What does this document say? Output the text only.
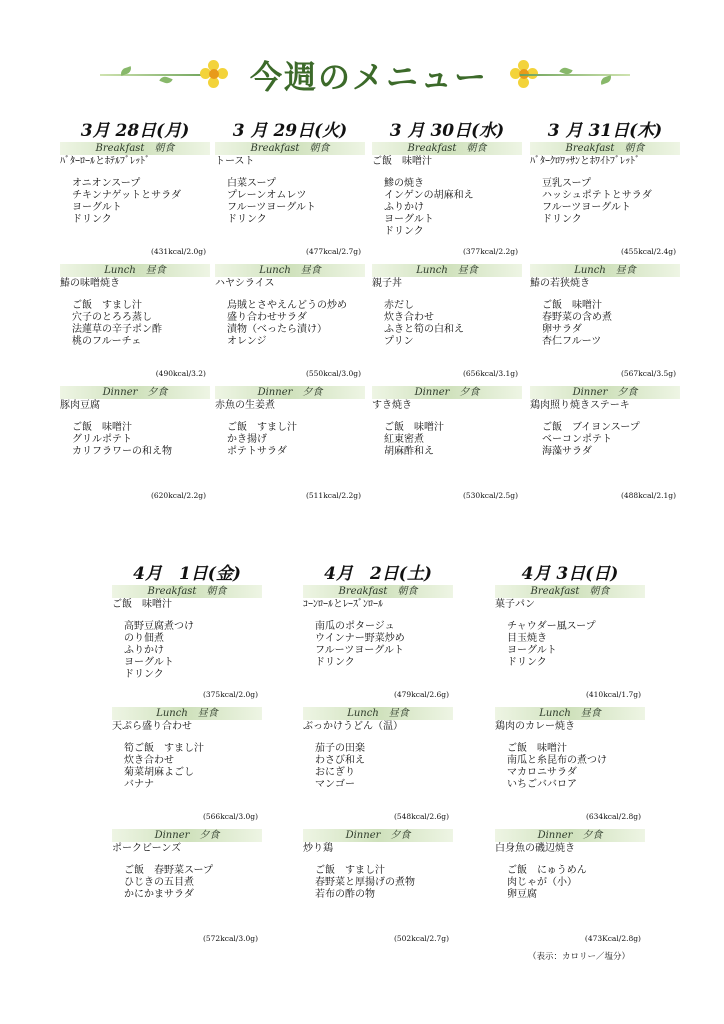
今週のメニュー
3月 28日(月)
Breakfast　朝食
ﾊﾞﾀｰﾛｰﾙとﾎﾃﾙﾌﾞﾚｯﾄﾞ
オニオンスープ
チキンナゲットとサラダ
ヨーグルト
ドリンク
(431kcal/2.0g)
Lunch　昼食
鰆の味噌焼き
ご飯　すまし汁
穴子のとろろ蒸し
法蓮草の辛子ポン酢
桃のフルーチェ
(490kcal/3.2)
Dinner　夕食
豚肉豆腐
ご飯　味噌汁
グリルポテト
カリフラワーの和え物
(620kcal/2.2g)
3 月 29日(火)
Breakfast　朝食
トースト
白菜スープ
プレーンオムレツ
フルーツヨーグルト
ドリンク
(477kcal/2.7g)
Lunch　昼食
ハヤシライス
烏賊とさやえんどうの炒め
盛り合わせサラダ
漬物（べったら漬け）
オレンジ
(550kcal/3.0g)
Dinner　夕食
赤魚の生姜煮
ご飯　すまし汁
かき揚げ
ポテトサラダ
(511kcal/2.2g)
3 月 30日(水)
Breakfast　朝食
ご飯　味噌汁
鯵の焼き
インゲンの胡麻和え
ふりかけ
ヨーグルト
ドリンク
(377kcal/2.2g)
Lunch　昼食
親子丼
赤だし
炊き合わせ
ふきと筍の白和え
プリン
(656kcal/3.1g)
Dinner　夕食
すき焼き
ご飯　味噌汁
紅東密煮
胡麻酢和え
(530kcal/2.5g)
3 月 31日(木)
Breakfast　朝食
ﾊﾞﾀｰｸﾛﾜｯｻﾝとﾎﾜｲﾄﾌﾞﾚｯﾄﾞ
豆乳スープ
ハッシュポテトとサラダ
フルーツヨーグルト
ドリンク
(455kcal/2.4g)
Lunch　昼食
鰆の若狭焼き
ご飯　味噌汁
春野菜の含め煮
卵サラダ
杏仁フルーツ
(567kcal/3.5g)
Dinner　夕食
鶏肉照り焼きステーキ
ご飯　ブイヨンスープ
ベーコンポテト
海藻サラダ
(488kcal/2.1g)
4月　1日(金)
Breakfast　朝食
ご飯　味噌汁
高野豆腐煮つけ
のり佃煮
ふりかけ
ヨーグルト
ドリンク
(375kcal/2.0g)
Lunch　昼食
天ぷら盛り合わせ
筍ご飯　すまし汁
炊き合わせ
菊菜胡麻よごし
バナナ
(566kcal/3.0g)
Dinner　夕食
ポークビーンズ
ご飯　春野菜スープ
ひじきの五目煮
かにかまサラダ
(572kcal/3.0g)
4月　2日(土)
Breakfast　朝食
ｺｰﾝﾛｰﾙとﾚｰｽﾞﾝﾛｰﾙ
南瓜のポタージュ
ウインナー野菜炒め
フルーツヨーグルト
ドリンク
(479kcal/2.6g)
Lunch　昼食
ぶっかけうどん（温）
茄子の田楽
わさび和え
おにぎり
マンゴー
(548kcal/2.6g)
Dinner　夕食
炒り鶏
ご飯　すまし汁
春野菜と厚揚げの煮物
若布の酢の物
(502kcal/2.7g)
4月 3日(日)
Breakfast　朝食
菓子パン
チャウダー風スープ
目玉焼き
ヨーグルト
ドリンク
(410kcal/1.7g)
Lunch　昼食
鶏肉のカレー焼き
ご飯　味噌汁
南瓜と糸昆布の煮つけ
マカロニサラダ
いちごババロア
(634kcal/2.8g)
Dinner　夕食
白身魚の磯辺焼き
ご飯　にゅうめん
肉じゃが（小）
卵豆腐
(473Kcal/2.8g)
（表示：カロリー／塩分）
